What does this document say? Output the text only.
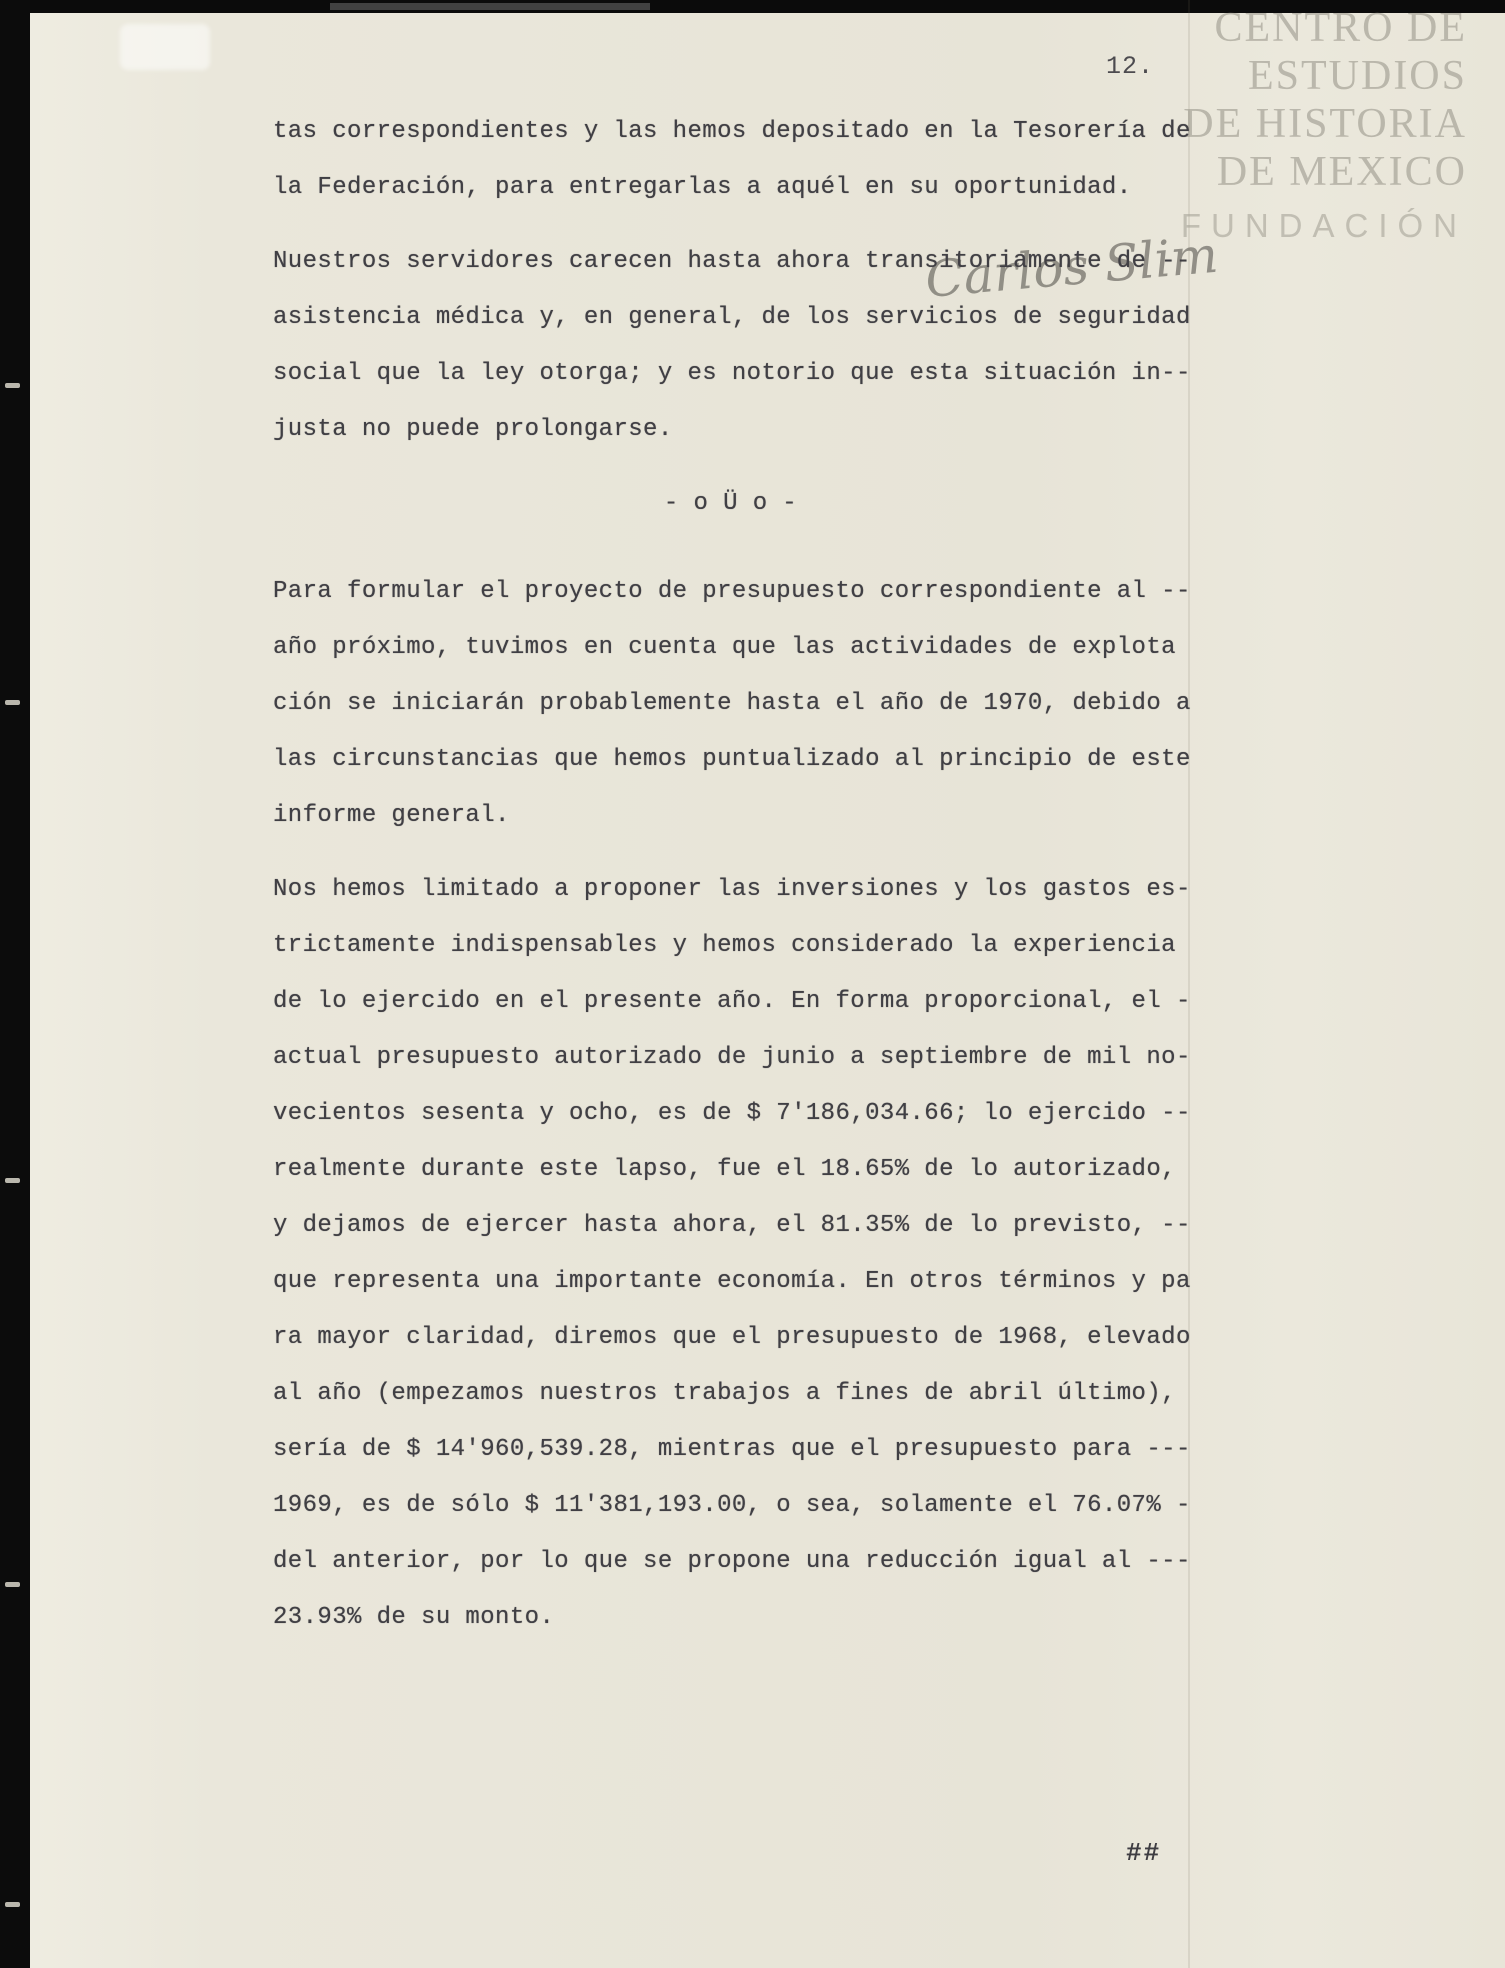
CENTRO DE
ESTUDIOS
DE HISTORIA
DE MEXICO
FUNDACIÓN
Carlos Slim
12.
tas correspondientes y las hemos depositado en la Tesorería de
la Federación, para entregarlas a aquél en su oportunidad.
Nuestros servidores carecen hasta ahora transitoriamente de --
asistencia médica y, en general, de los servicios de seguridad
social que la ley otorga; y es notorio que esta situación in--
justa no puede prolongarse.
- o Ü o -
Para formular el proyecto de presupuesto correspondiente al --
año próximo, tuvimos en cuenta que las actividades de explota
ción se iniciarán probablemente hasta el año de 1970, debido a
las circunstancias que hemos puntualizado al principio de este
informe general.
Nos hemos limitado a proponer las inversiones y los gastos es-
trictamente indispensables y hemos considerado la experiencia
de lo ejercido en el presente año. En forma proporcional, el -
actual presupuesto autorizado de junio a septiembre de mil no-
vecientos sesenta y ocho, es de $ 7'186,034.66; lo ejercido --
realmente durante este lapso, fue el 18.65% de lo autorizado,
y dejamos de ejercer hasta ahora, el 81.35% de lo previsto, --
que representa una importante economía. En otros términos y pa
ra mayor claridad, diremos que el presupuesto de 1968, elevado
al año (empezamos nuestros trabajos a fines de abril último),
sería de $ 14'960,539.28, mientras que el presupuesto para ---
1969, es de sólo $ 11'381,193.00, o sea, solamente el 76.07% -
del anterior, por lo que se propone una reducción igual al ---
23.93% de su monto.
##
